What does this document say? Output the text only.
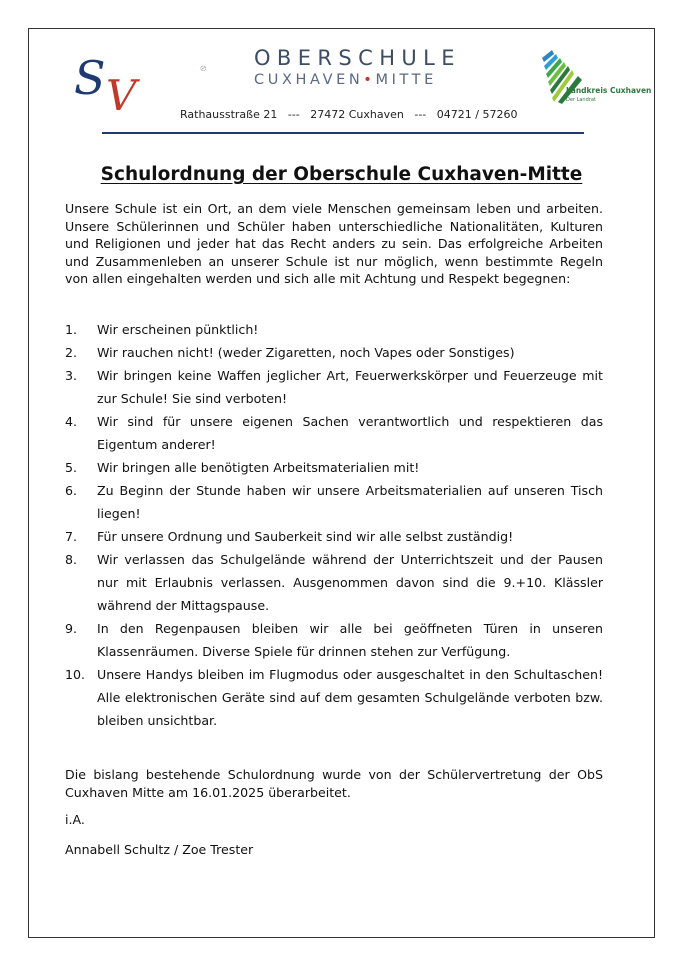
S V
OBERSCHULE
CUXHAVEN•MITTE
Landkreis Cuxhaven
Der Landrat
Rathausstraße 21   ---   27472 Cuxhaven   ---   04721 / 57260
Schulordnung der Oberschule Cuxhaven-Mitte

Unsere Schule ist ein Ort, an dem viele Menschen gemeinsam leben und arbeiten. Unsere Schülerinnen und Schüler haben unterschiedliche Nationalitäten, Kulturen und Religionen und jeder hat das Recht anders zu sein. Das erfolgreiche Arbeiten und Zusammenleben an unserer Schule ist nur möglich, wenn bestimmte Regeln von allen eingehalten werden und sich alle mit Achtung und Respekt begegnen:

1. Wir erscheinen pünktlich!
2. Wir rauchen nicht! (weder Zigaretten, noch Vapes oder Sonstiges)
3. Wir bringen keine Waffen jeglicher Art, Feuerwerkskörper und Feuerzeuge mit zur Schule! Sie sind verboten!
4. Wir sind für unsere eigenen Sachen verantwortlich und respektieren das Eigentum anderer!
5. Wir bringen alle benötigten Arbeitsmaterialien mit!
6. Zu Beginn der Stunde haben wir unsere Arbeitsmaterialien auf unseren Tisch liegen!
7. Für unsere Ordnung und Sauberkeit sind wir alle selbst zuständig!
8. Wir verlassen das Schulgelände während der Unterrichtszeit und der Pausen nur mit Erlaubnis verlassen. Ausgenommen davon sind die 9.+10. Klässler während der Mittagspause.
9. In den Regenpausen bleiben wir alle bei geöffneten Türen in unseren Klassenräumen. Diverse Spiele für drinnen stehen zur Verfügung.
10. Unsere Handys bleiben im Flugmodus oder ausgeschaltet in den Schultaschen! Alle elektronischen Geräte sind auf dem gesamten Schulgelände verboten bzw. bleiben unsichtbar.

Die bislang bestehende Schulordnung wurde von der Schülervertretung der ObS Cuxhaven Mitte am 16.01.2025 überarbeitet.

i.A.

Annabell Schultz / Zoe Trester
